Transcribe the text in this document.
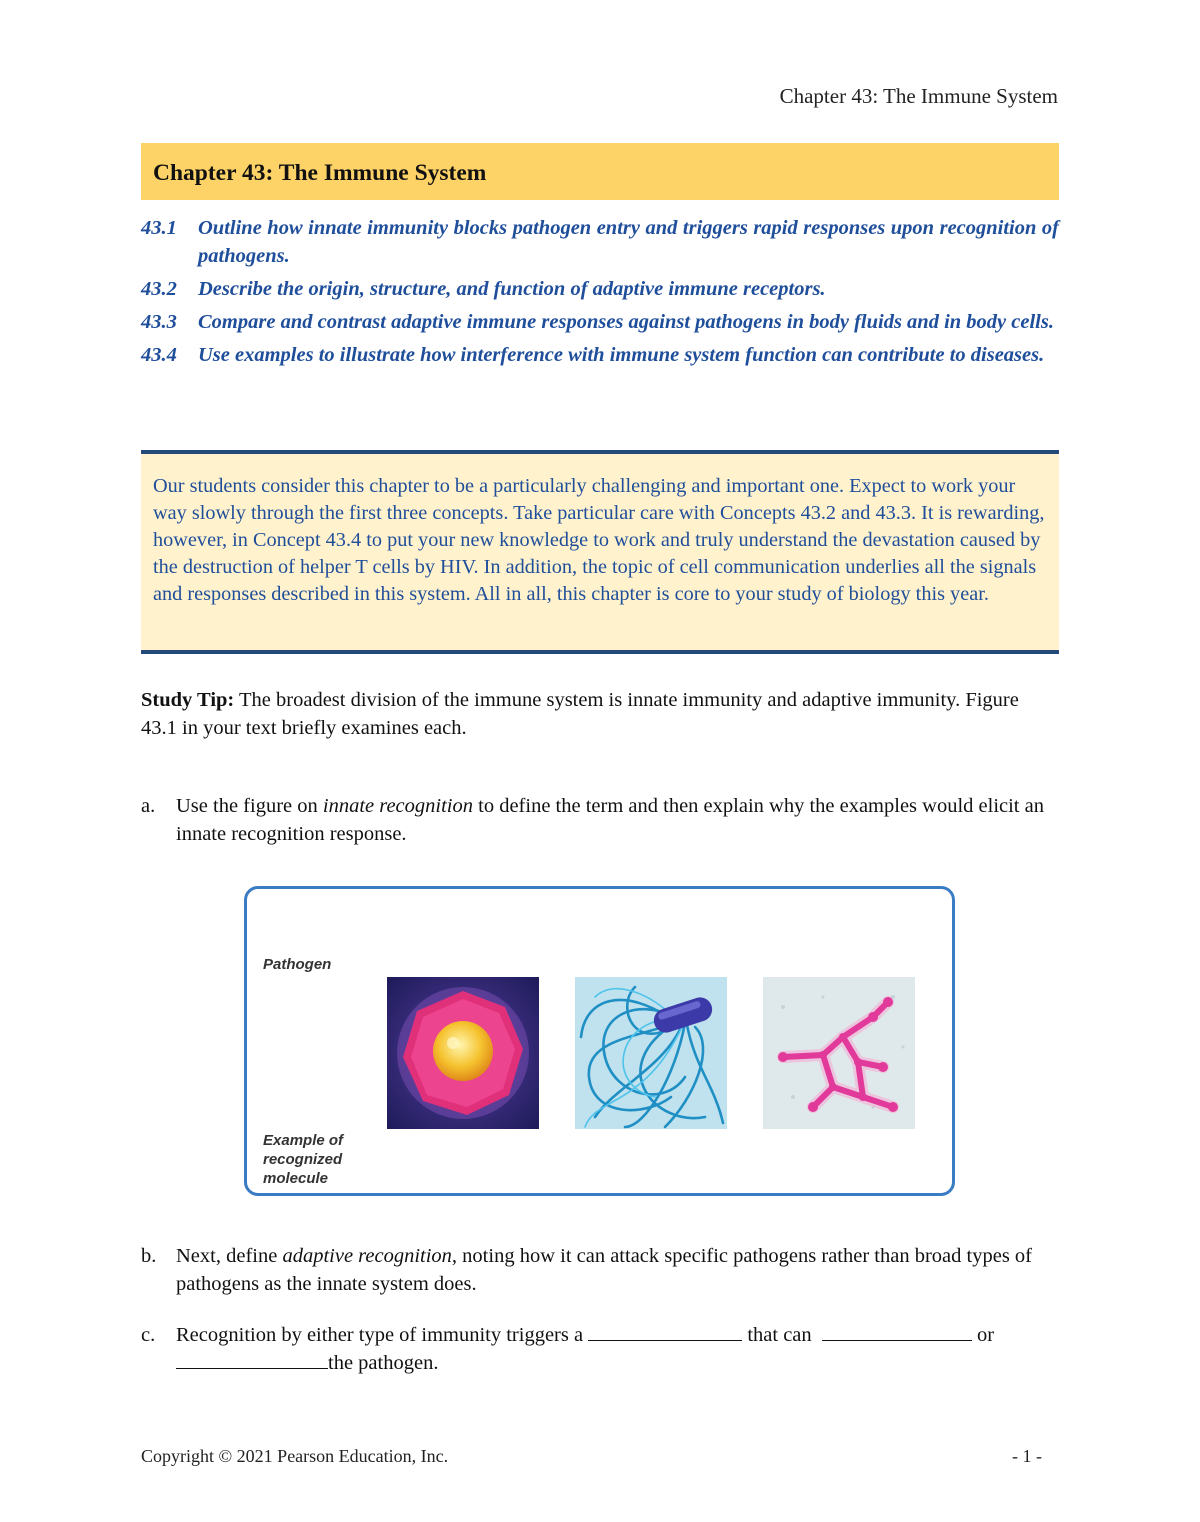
Chapter 43: The Immune System
Chapter 43: The Immune System
43.1	Outline how innate immunity blocks pathogen entry and triggers rapid responses upon recognition of pathogens.
43.2	Describe the origin, structure, and function of adaptive immune receptors.
43.3	Compare and contrast adaptive immune responses against pathogens in body fluids and in body cells.
43.4	Use examples to illustrate how interference with immune system function can contribute to diseases.
Our students consider this chapter to be a particularly challenging and important one. Expect to work your way slowly through the first three concepts. Take particular care with Concepts 43.2 and 43.3. It is rewarding, however, in Concept 43.4 to put your new knowledge to work and truly understand the devastation caused by the destruction of helper T cells by HIV. In addition, the topic of cell communication underlies all the signals and responses described in this system. All in all, this chapter is core to your study of biology this year.
Study Tip: The broadest division of the immune system is innate immunity and adaptive immunity. Figure 43.1 in your text briefly examines each.
a.	Use the figure on innate recognition to define the term and then explain why the examples would elicit an innate recognition response.
Pathogen
Example of
recognized
molecule
b. Next, define adaptive recognition, noting how it can attack specific pathogens rather than broad types of pathogens as the innate system does.
c.	Recognition by either type of immunity triggers a	that can	or
the pathogen.
Copyright © 2021 Pearson Education, Inc.	- 1 -
